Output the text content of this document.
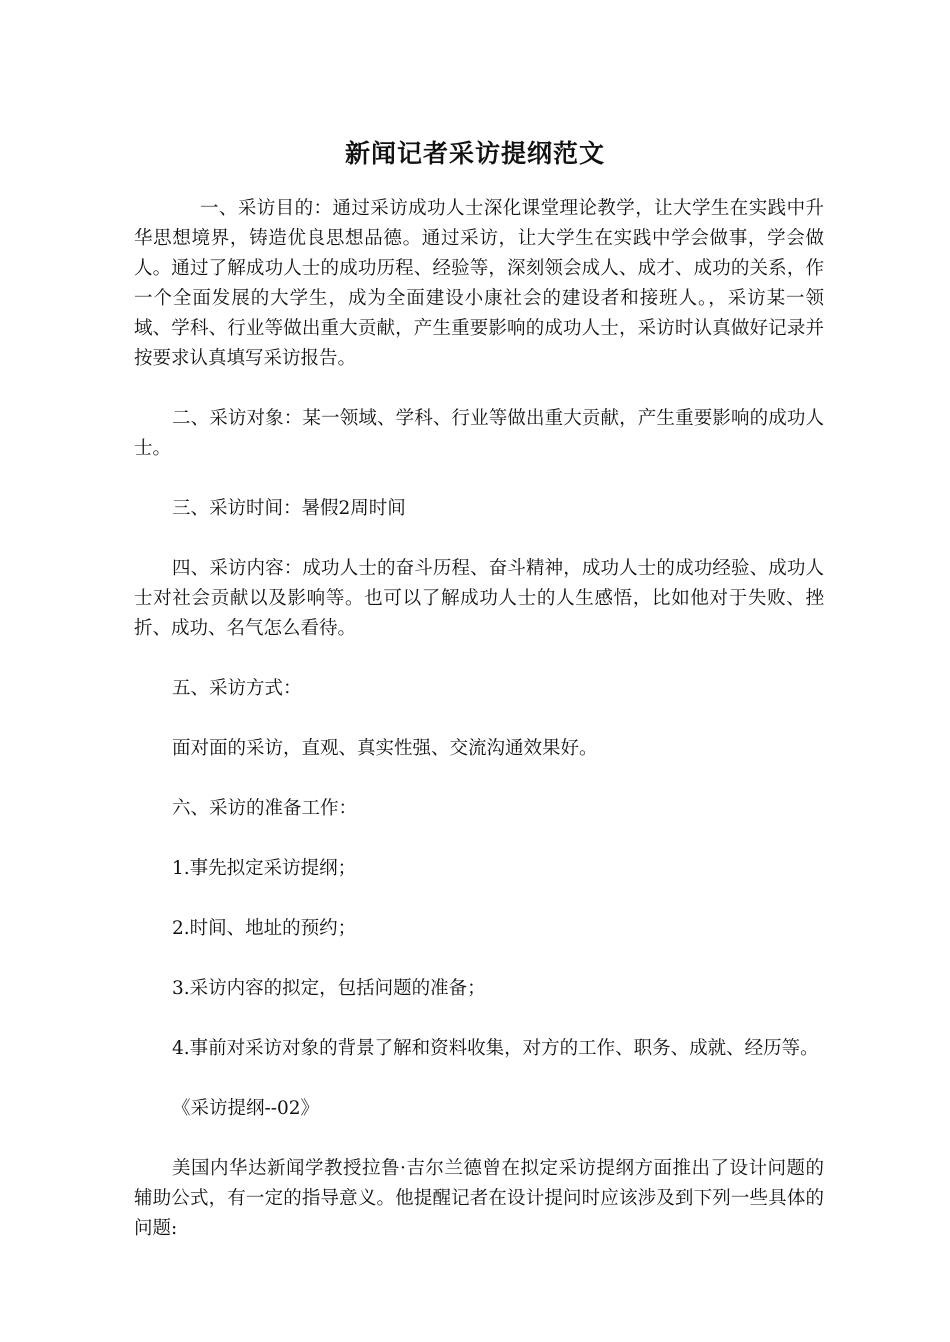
新闻记者采访提纲范文

一、采访目的：通过采访成功人士深化课堂理论教学，让大学生在实践中升华思想境界，铸造优良思想品德。通过采访，让大学生在实践中学会做事，学会做人。通过了解成功人士的成功历程、经验等，深刻领会成人、成才、成功的关系，作一个全面发展的大学生，成为全面建设小康社会的建设者和接班人。，采访某一领域、学科、行业等做出重大贡献，产生重要影响的成功人士，采访时认真做好记录并按要求认真填写采访报告。

二、采访对象：某一领域、学科、行业等做出重大贡献，产生重要影响的成功人士。

三、采访时间：暑假2周时间

四、采访内容：成功人士的奋斗历程、奋斗精神，成功人士的成功经验、成功人士对社会贡献以及影响等。也可以了解成功人士的人生感悟，比如他对于失败、挫折、成功、名气怎么看待。

五、采访方式：

面对面的采访，直观、真实性强、交流沟通效果好。

六、采访的准备工作：

1.事先拟定采访提纲；

2.时间、地址的预约；

3.采访内容的拟定，包括问题的准备；

4.事前对采访对象的背景了解和资料收集，对方的工作、职务、成就、经历等。

《采访提纲--02》

美国内华达新闻学教授拉鲁·吉尔兰德曾在拟定采访提纲方面推出了设计问题的辅助公式，有一定的指导意义。他提醒记者在设计提问时应该涉及到下列一些具体的问题:
